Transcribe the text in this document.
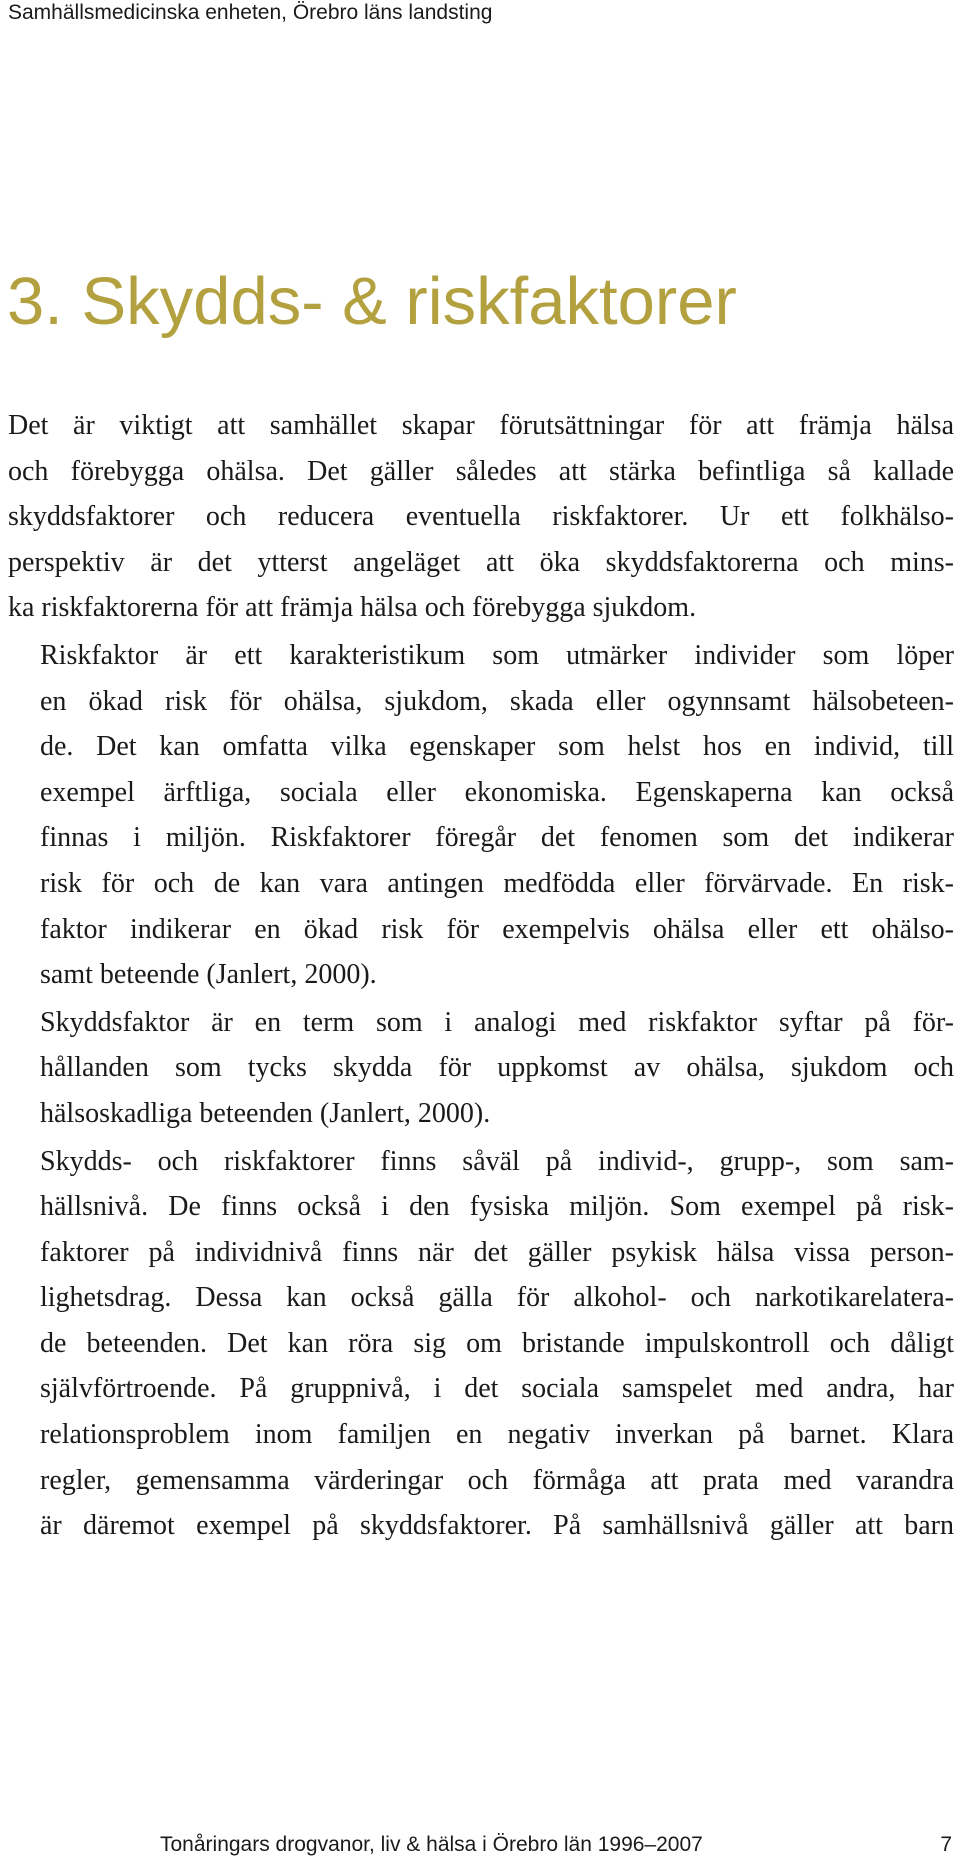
Samhällsmedicinska enheten, Örebro läns landsting
3. Skydds- & riskfaktorer

Det är viktigt att samhället skapar förutsättningar för att främja hälsa
och förebygga ohälsa. Det gäller således att stärka befintliga så kallade
skyddsfaktorer och reducera eventuella riskfaktorer. Ur ett folkhälso-
perspektiv är det ytterst angeläget att öka skyddsfaktorerna och mins-
ka riskfaktorerna för att främja hälsa och förebygga sjukdom.

Riskfaktor är ett karakteristikum som utmärker individer som löper
en ökad risk för ohälsa, sjukdom, skada eller ogynnsamt hälsobeteen-
de. Det kan omfatta vilka egenskaper som helst hos en individ, till
exempel ärftliga, sociala eller ekonomiska. Egenskaperna kan också
finnas i miljön. Riskfaktorer föregår det fenomen som det indikerar
risk för och de kan vara antingen medfödda eller förvärvade. En risk-
faktor indikerar en ökad risk för exempelvis ohälsa eller ett ohälso-
samt beteende (Janlert, 2000).

Skyddsfaktor är en term som i analogi med riskfaktor syftar på för-
hållanden som tycks skydda för uppkomst av ohälsa, sjukdom och
hälsoskadliga beteenden (Janlert, 2000).

Skydds- och riskfaktorer finns såväl på individ-, grupp-, som sam-
hällsnivå. De finns också i den fysiska miljön. Som exempel på risk-
faktorer på individnivå finns när det gäller psykisk hälsa vissa person-
lighetsdrag. Dessa kan också gälla för alkohol- och narkotikarelatera-
de beteenden. Det kan röra sig om bristande impulskontroll och dåligt
självförtroende. På gruppnivå, i det sociala samspelet med andra, har
relationsproblem inom familjen en negativ inverkan på barnet. Klara
regler, gemensamma värderingar och förmåga att prata med varandra
är däremot exempel på skyddsfaktorer. På samhällsnivå gäller att barn

Tonåringars drogvanor, liv & hälsa i Örebro län 1996–2007	7
